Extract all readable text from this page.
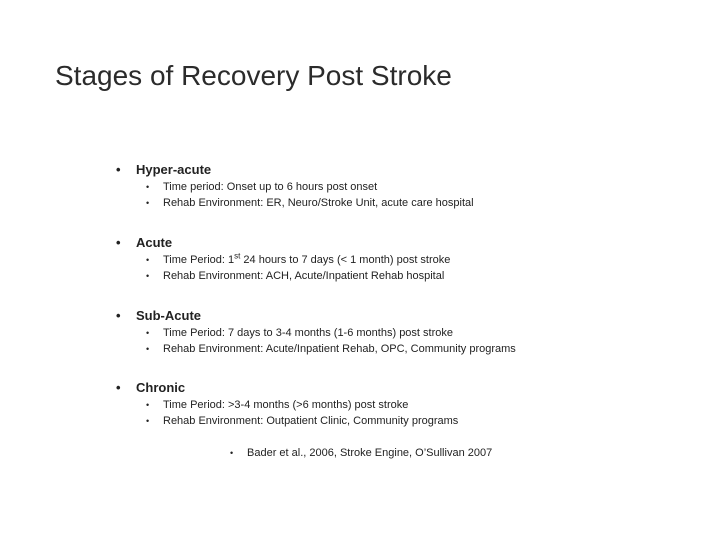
Stages of Recovery Post Stroke
• Hyper-acute
• Time period: Onset up to 6 hours post onset
• Rehab Environment: ER, Neuro/Stroke Unit, acute care hospital
• Acute
• Time Period: 1st 24 hours to 7 days (< 1 month) post stroke
• Rehab Environment: ACH, Acute/Inpatient Rehab hospital
• Sub-Acute
• Time Period: 7 days to 3-4 months (1-6 months) post stroke
• Rehab Environment: Acute/Inpatient Rehab, OPC, Community programs
• Chronic
• Time Period: >3-4 months (>6 months) post stroke
• Rehab Environment: Outpatient Clinic, Community programs
• Bader et al., 2006, Stroke Engine, O’Sullivan 2007
